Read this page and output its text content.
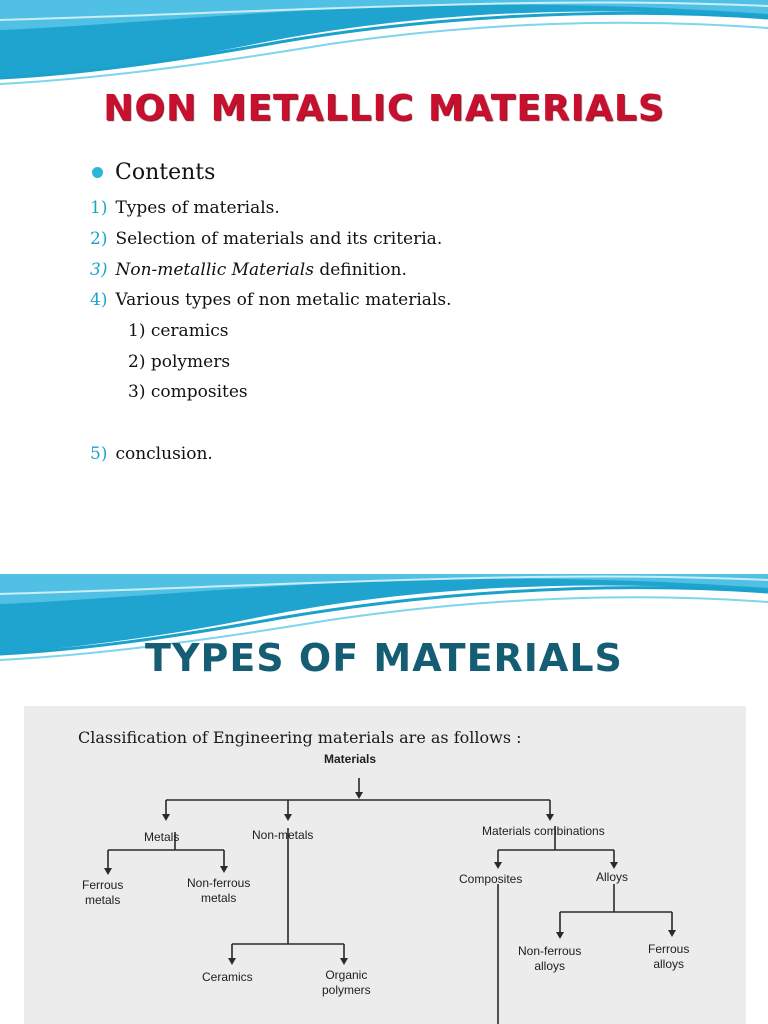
NON METALLIC MATERIALS
Contents
1) Types of materials.
2) Selection of materials and its criteria.
3) Non-metallic Materials definition.
4) Various types of non metalic materials.
1) ceramics
2) polymers
3) composites
5) conclusion.
TYPES OF MATERIALS
Classification of Engineering materials are as follows :
Materials
Metals	Non-metals	Materials combinations
Ferrous
metals
Non-ferrous
metals
Ceramics	Organic
polymers
Composites	Alloys
Non-ferrous
alloys
Ferrous
alloys
